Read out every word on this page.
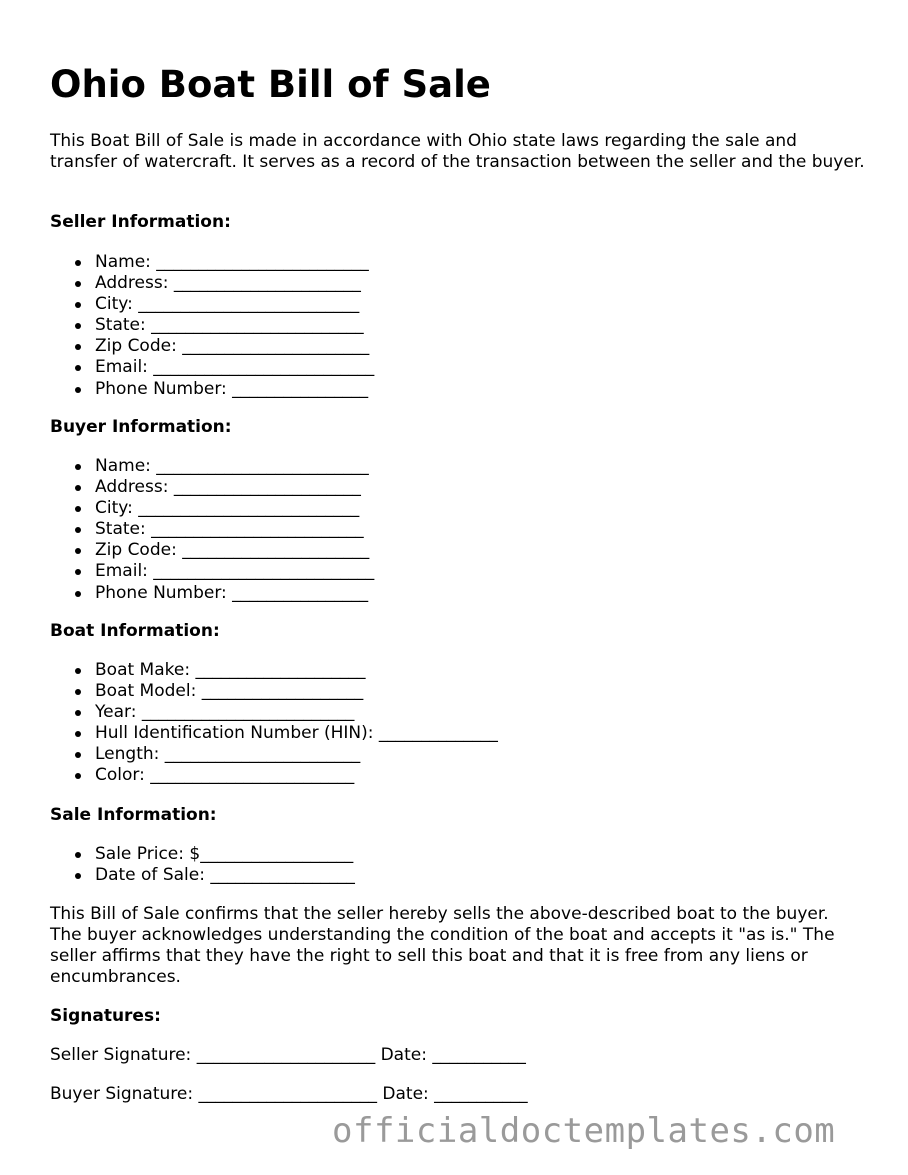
Ohio Boat Bill of Sale

This Boat Bill of Sale is made in accordance with Ohio state laws regarding the sale and transfer of watercraft. It serves as a record of the transaction between the seller and the buyer.

Seller Information:

Name: _________________________
Address: ______________________
City: __________________________
State: _________________________
Zip Code: ______________________
Email: __________________________
Phone Number: ________________

Buyer Information:

Name: _________________________
Address: ______________________
City: __________________________
State: _________________________
Zip Code: ______________________
Email: __________________________
Phone Number: ________________

Boat Information:

Boat Make: ____________________
Boat Model: ___________________
Year: _________________________
Hull Identification Number (HIN): ______________
Length: _______________________
Color: ________________________

Sale Information:

Sale Price: $__________________
Date of Sale: _________________

This Bill of Sale confirms that the seller hereby sells the above-described boat to the buyer. The buyer acknowledges understanding the condition of the boat and accepts it "as is." The seller affirms that they have the right to sell this boat and that it is free from any liens or encumbrances.

Signatures:

Seller Signature: _____________________ Date: ___________

Buyer Signature: _____________________ Date: ___________

officialdoctemplates.com
